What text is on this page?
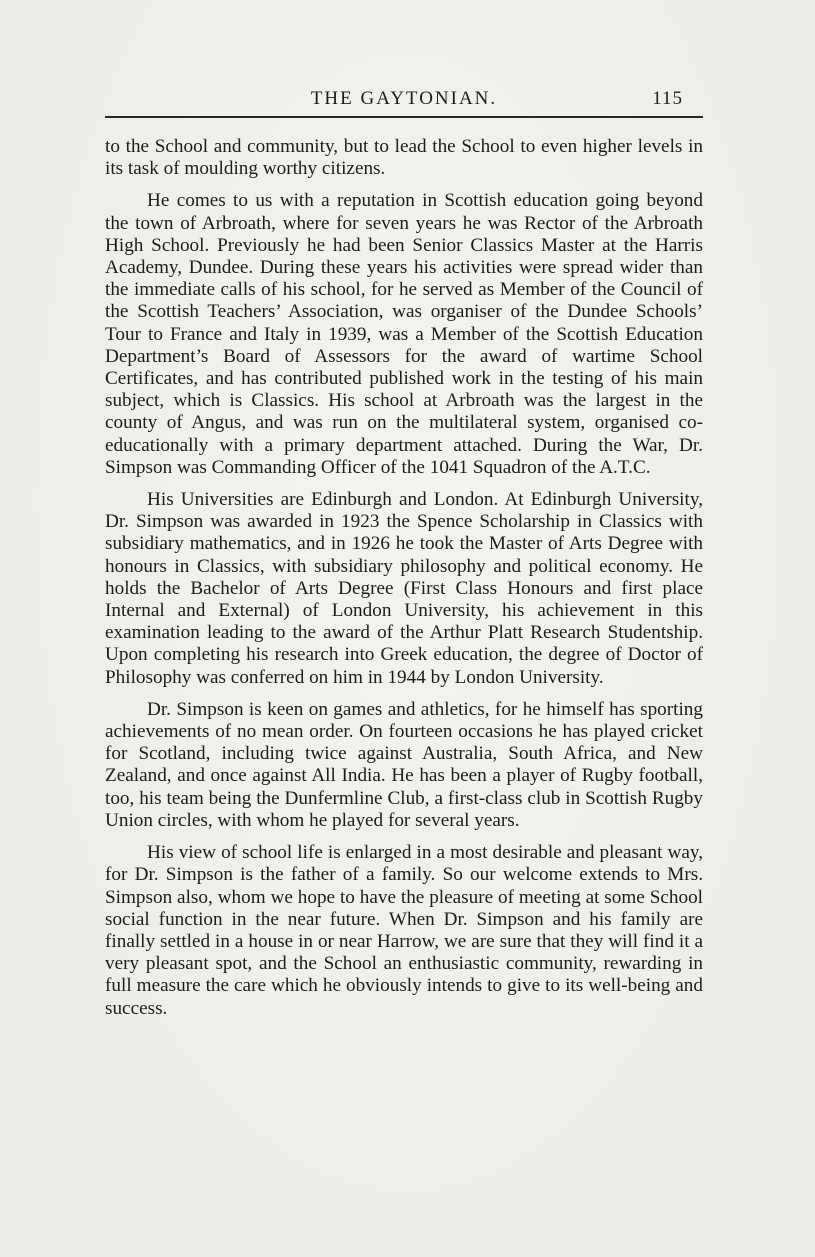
THE GAYTONIAN.	115

to the School and community, but to lead the School to even higher levels in its task of moulding worthy citizens.

He comes to us with a reputation in Scottish education going beyond the town of Arbroath, where for seven years he was Rector of the Arbroath High School. Previously he had been Senior Classics Master at the Harris Academy, Dundee. During these years his activities were spread wider than the immediate calls of his school, for he served as Member of the Council of the Scottish Teachers’ Association, was organiser of the Dundee Schools’ Tour to France and Italy in 1939, was a Member of the Scottish Education Department’s Board of Assessors for the award of wartime School Certificates, and has contributed published work in the testing of his main subject, which is Classics. His school at Arbroath was the largest in the county of Angus, and was run on the multilateral system, organised co-educationally with a primary department attached. During the War, Dr. Simpson was Commanding Officer of the 1041 Squadron of the A.T.C.

His Universities are Edinburgh and London. At Edinburgh University, Dr. Simpson was awarded in 1923 the Spence Scholarship in Classics with subsidiary mathematics, and in 1926 he took the Master of Arts Degree with honours in Classics, with subsidiary philosophy and political economy. He holds the Bachelor of Arts Degree (First Class Honours and first place Internal and External) of London University, his achievement in this examination leading to the award of the Arthur Platt Research Studentship. Upon completing his research into Greek education, the degree of Doctor of Philosophy was conferred on him in 1944 by London University.

Dr. Simpson is keen on games and athletics, for he himself has sporting achievements of no mean order. On fourteen occasions he has played cricket for Scotland, including twice against Australia, South Africa, and New Zealand, and once against All India. He has been a player of Rugby football, too, his team being the Dunfermline Club, a first-class club in Scottish Rugby Union circles, with whom he played for several years.

His view of school life is enlarged in a most desirable and pleasant way, for Dr. Simpson is the father of a family. So our welcome extends to Mrs. Simpson also, whom we hope to have the pleasure of meeting at some School social function in the near future. When Dr. Simpson and his family are finally settled in a house in or near Harrow, we are sure that they will find it a very pleasant spot, and the School an enthusiastic community, rewarding in full measure the care which he obviously intends to give to its well-being and success.
